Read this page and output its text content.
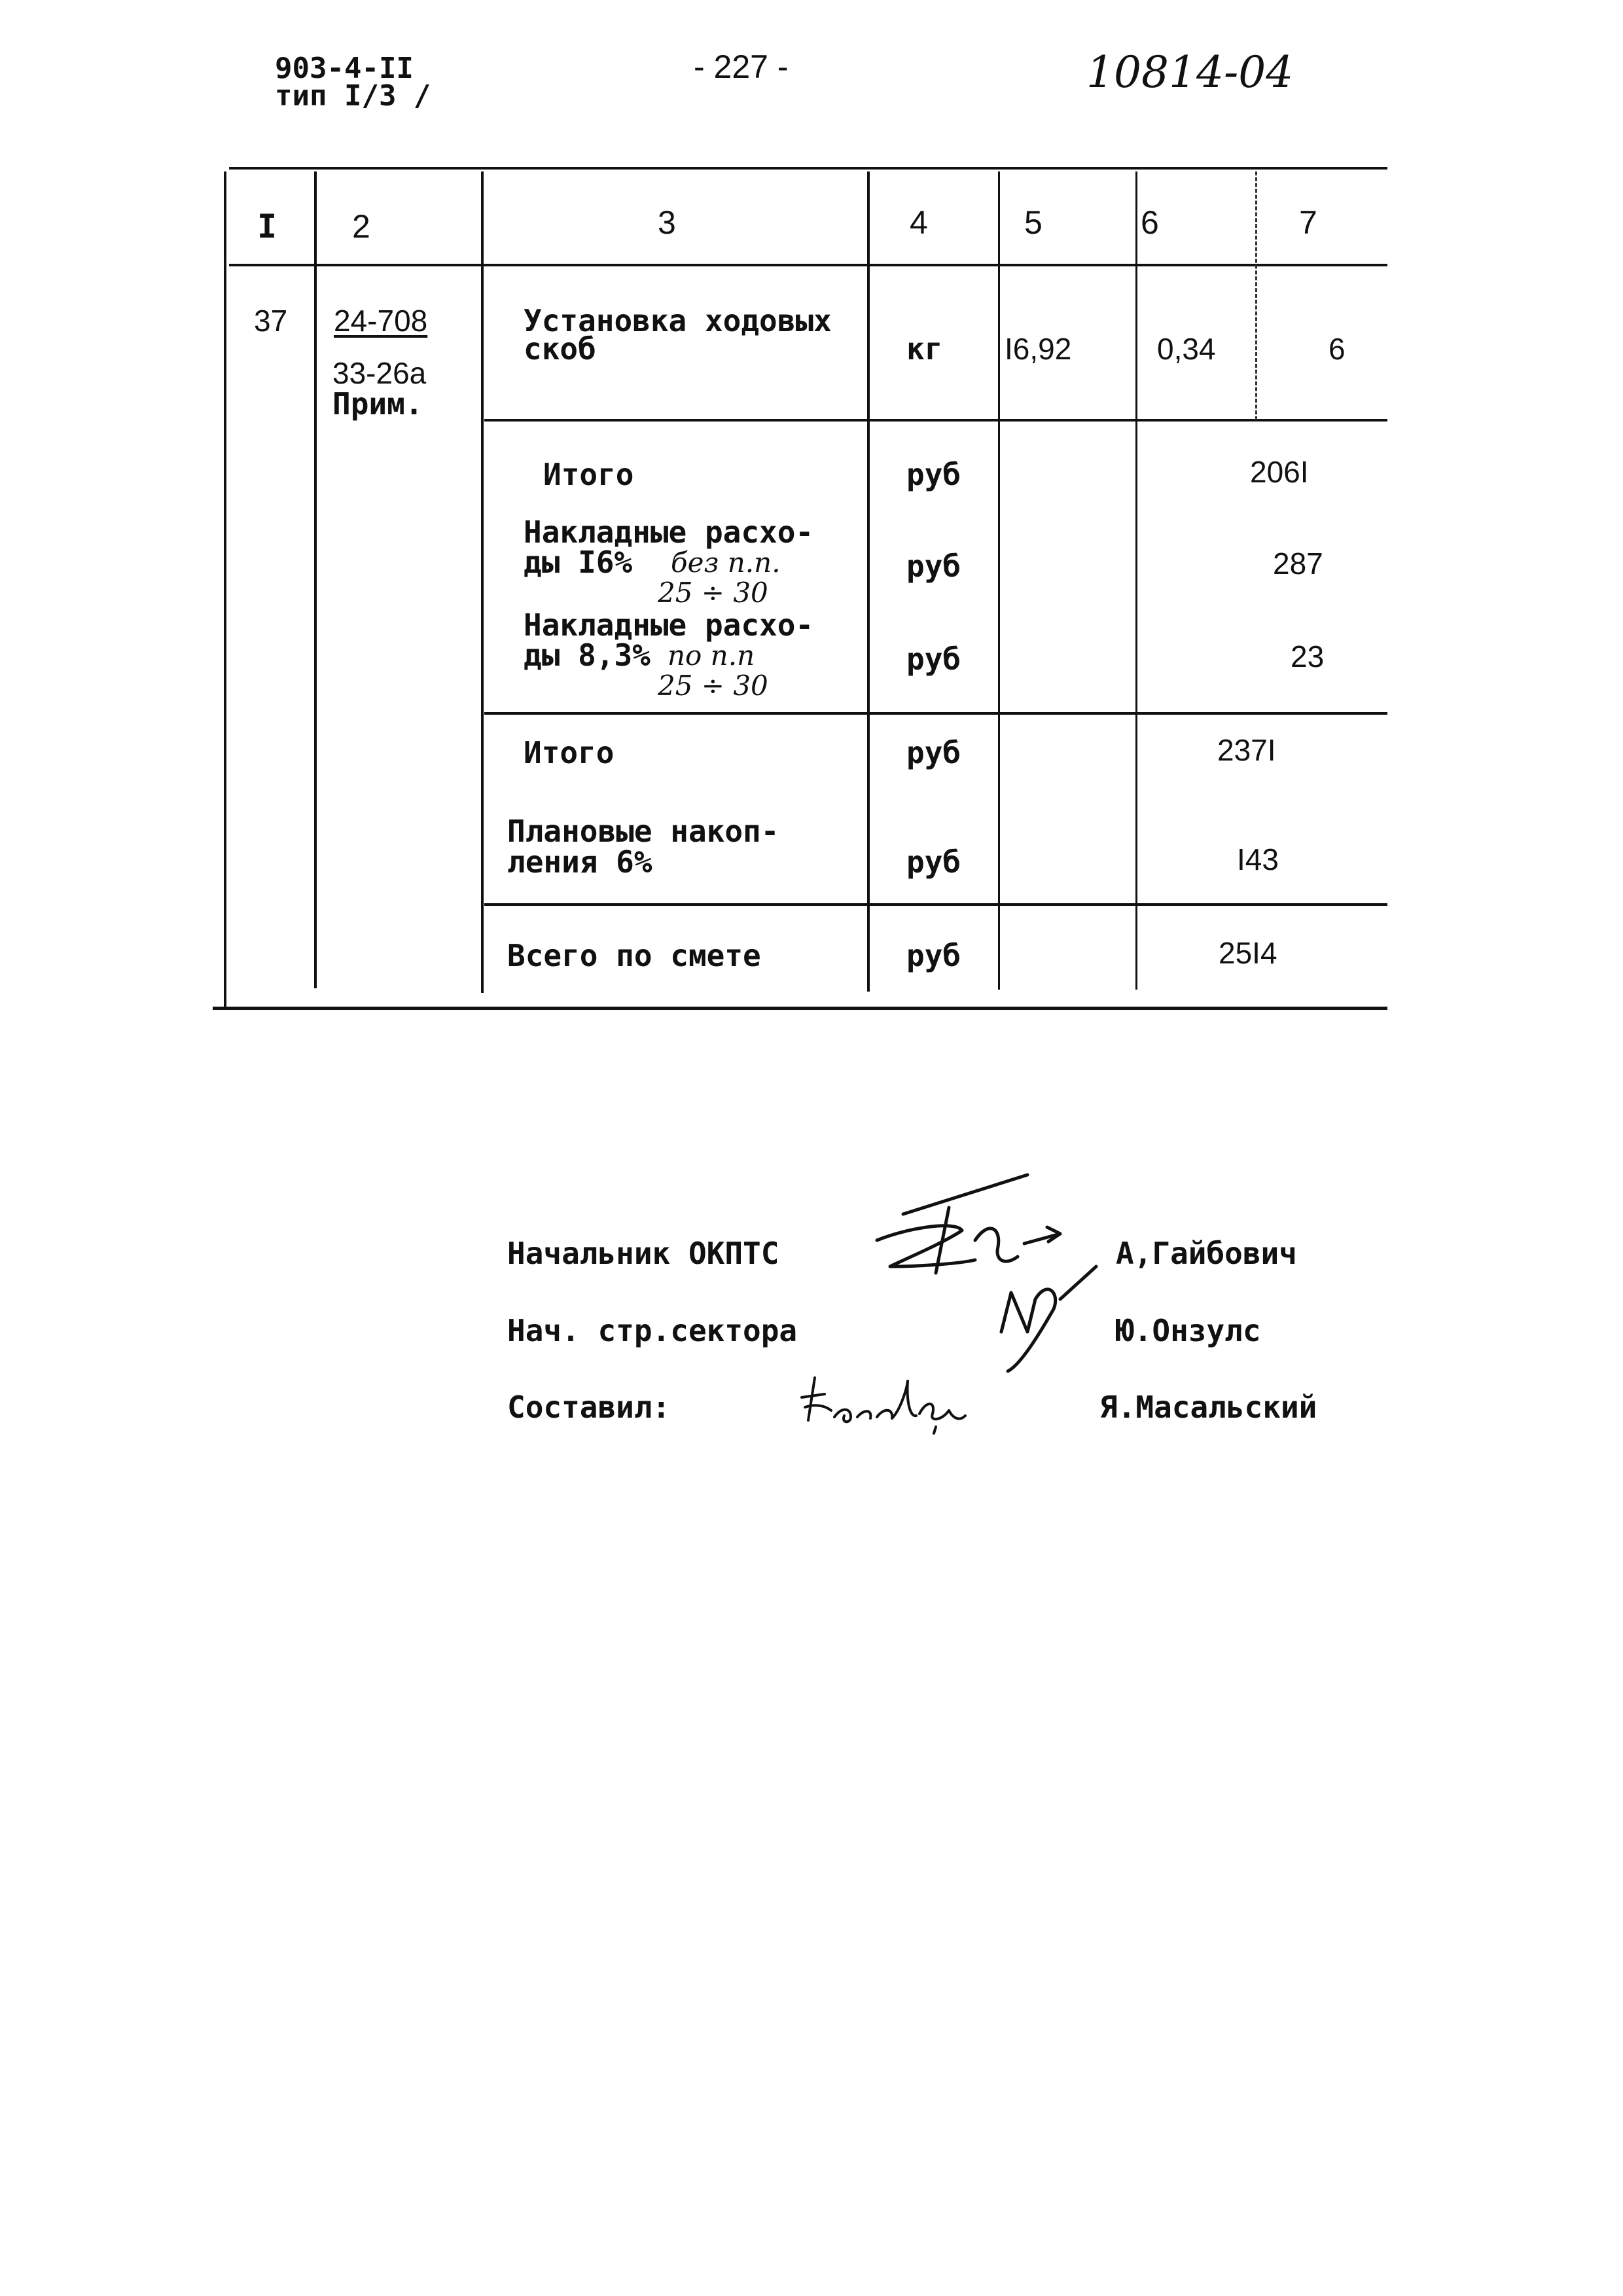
903-4-II
тип I/3 /
- 227 -	10814-04
I 2	3	4	5	6	7
37 24-708
33-26a
Прим.
Установка ходовых
скоб	кг I6,92	0,34	6
Итого	руб	206I
Накладные расхо-
ды I6% без п.п.
25 ÷ 30
руб	287
Накладные расхо-
ды 8,3% по п.п
25 ÷ 30
руб	23
Итого	руб	237I
Плановые накоп-
ления 6%	руб	I43
Всего по смете	руб	25I4
Начальник ОКПТС	А,Гайбович
Нач. стр.сектора	Ю.Онзулс
Составил:	Я.Масальский
Масальск
